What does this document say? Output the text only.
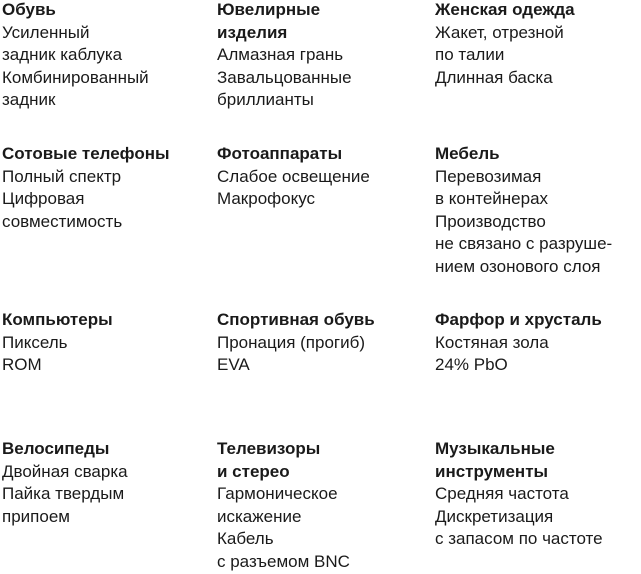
Обувь
Усиленный
задник каблука
Комбинированный
задник
Ювелирные
изделия
Алмазная грань
Завальцованные
бриллианты
Женская одежда
Жакет, отрезной
по талии
Длинная баска
Сотовые телефоны
Полный спектр
Цифровая
совместимость
Фотоаппараты
Слабое освещение
Макрофокус
Мебель
Перевозимая
в контейнерах
Производство
не связано с разруше-
нием озонового слоя
Компьютеры
Пиксель
ROM
Спортивная обувь
Пронация (прогиб)
EVA
Фарфор и хрусталь
Костяная зола
24% PbO
Велосипеды
Двойная сварка
Пайка твердым
припоем
Телевизоры
и стерео
Гармоническое
искажение
Кабель
с разъемом BNC
Музыкальные
инструменты
Средняя частота
Дискретизация
с запасом по частоте
